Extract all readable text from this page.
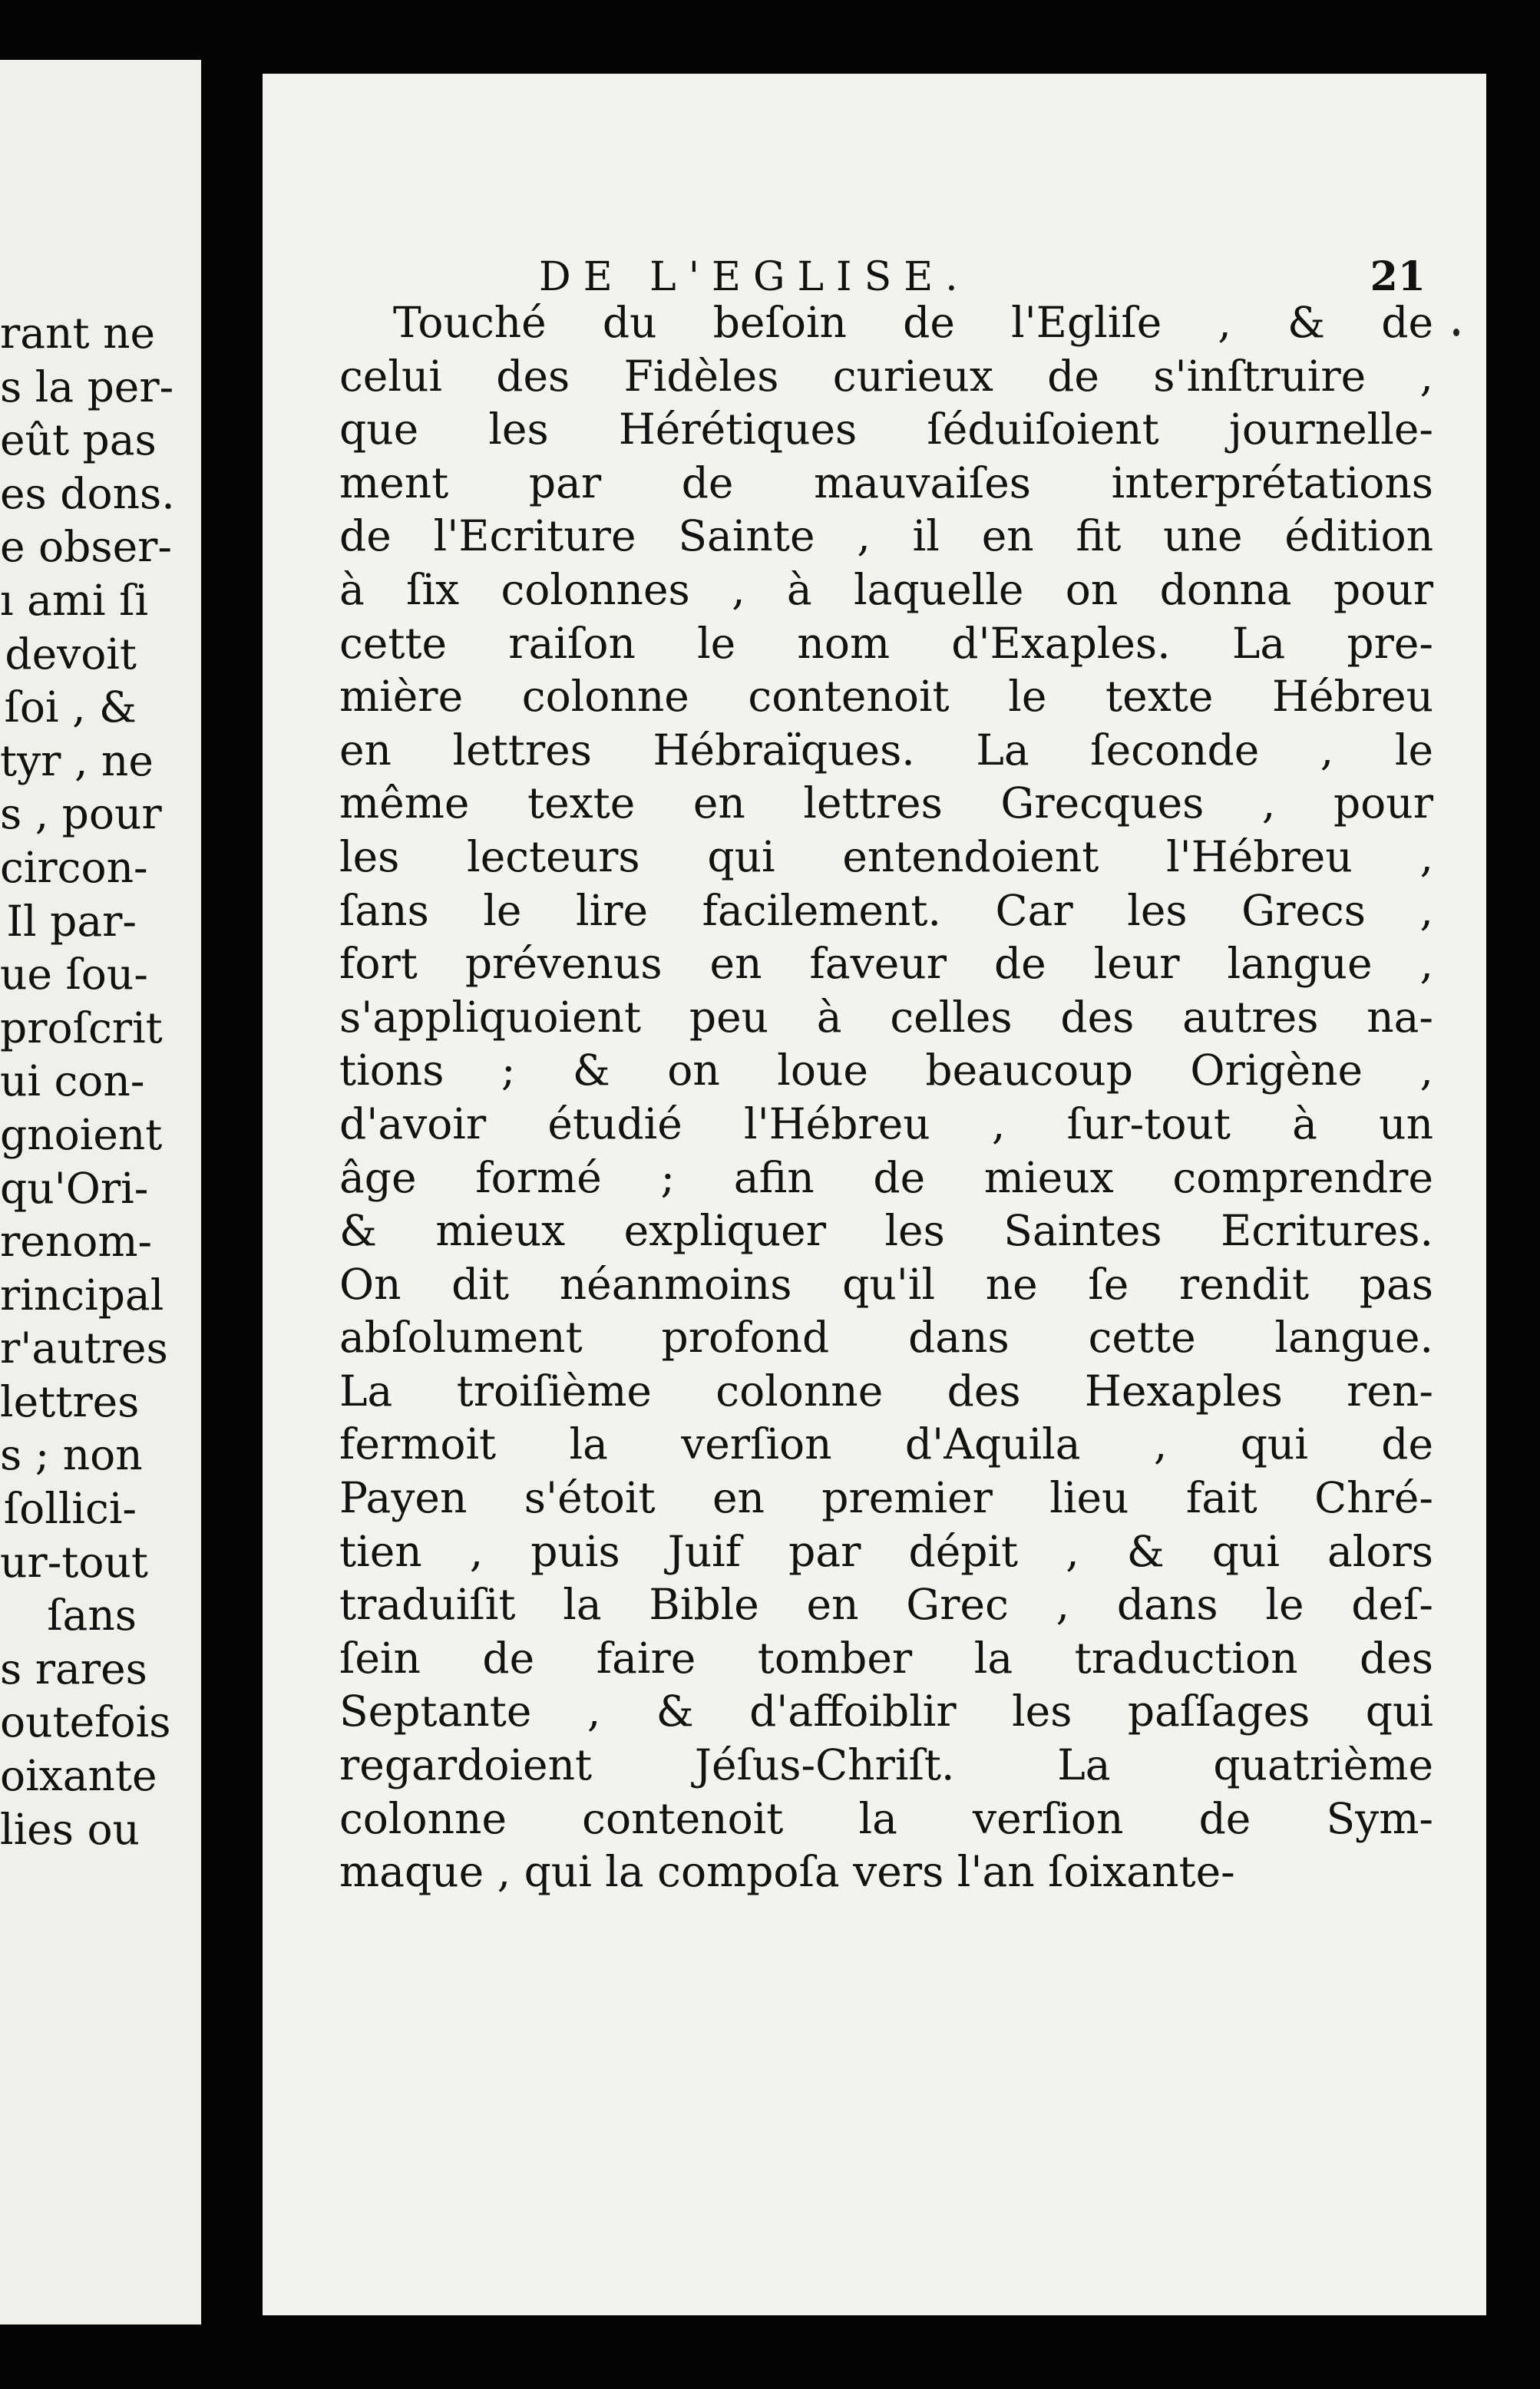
rant ne
s la per-
eût pas
es dons.
e obser-
ı ami ſi
devoit
ſoi , &
tyr , ne
s , pour
circon-
Il par-
ue ſou-
proſcrit
ui con-
gnoient
qu'Ori-
renom-
rincipal
r'autres
lettres
s ; non
ſollici-
ur-tout
ſans
s rares
outefois
oixante
lies ou
DE L'EGLISE.	21
Touché du beſoin de l'Egliſe , & de
celui des Fidèles curieux de s'inſtruire ,
que les Hérétiques ſéduiſoient journelle-
ment par de mauvaiſes interprétations
de l'Ecriture Sainte , il en fit une édition
à ſix colonnes , à laquelle on donna pour
cette raiſon le nom d'Exaples. La pre-
mière colonne contenoit le texte Hébreu
en lettres Hébraïques. La ſeconde , le
même texte en lettres Grecques , pour
les lecteurs qui entendoient l'Hébreu ,
ſans le lire facilement. Car les Grecs ,
fort prévenus en faveur de leur langue ,
s'appliquoient peu à celles des autres na-
tions ; & on loue beaucoup Origène ,
d'avoir étudié l'Hébreu , ſur-tout à un
âge formé ; afin de mieux comprendre
& mieux expliquer les Saintes Ecritures.
On dit néanmoins qu'il ne ſe rendit pas
abſolument profond dans cette langue.
La troiſième colonne des Hexaples ren-
fermoit la verſion d'Aquila , qui de
Payen s'étoit en premier lieu fait Chré-
tien , puis Juif par dépit , & qui alors
traduiſit la Bible en Grec , dans le deſ-
ſein de faire tomber la traduction des
Septante , & d'affoiblir les paſſages qui
regardoient Jéſus-Chriſt. La quatrième
colonne contenoit la verſion de Sym-
maque , qui la compoſa vers l'an ſoixante-
